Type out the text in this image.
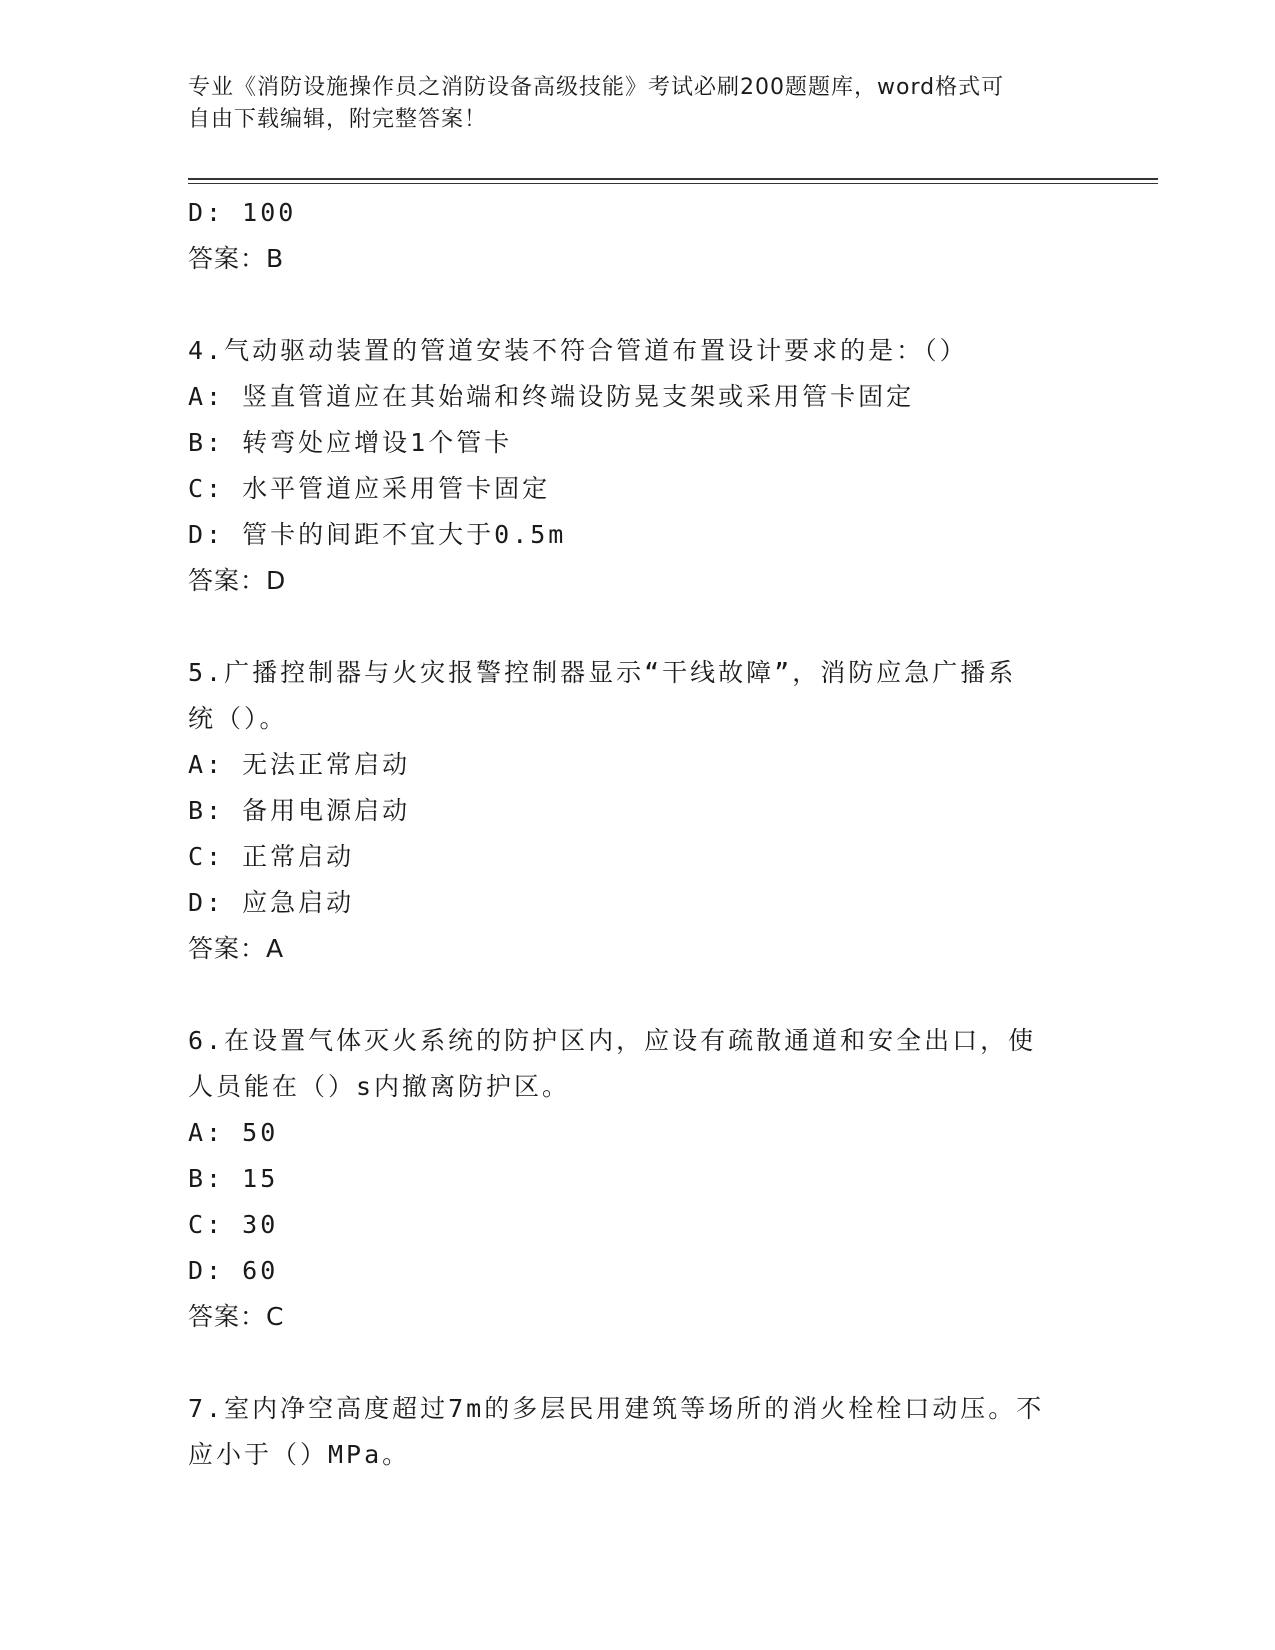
专业《消防设施操作员之消防设备高级技能》考试必刷200题题库，word格式可
自由下载编辑，附完整答案！

D: 100

答案：B

4.气动驱动装置的管道安装不符合管道布置设计要求的是：（）

A: 竖直管道应在其始端和终端设防晃支架或采用管卡固定

B: 转弯处应增设1个管卡

C: 水平管道应采用管卡固定

D: 管卡的间距不宜大于0.5m

答案：D

5.广播控制器与火灾报警控制器显示“干线故障”，消防应急广播系

统（）。

A: 无法正常启动

B: 备用电源启动

C: 正常启动

D: 应急启动

答案：A

6.在设置气体灭火系统的防护区内，应设有疏散通道和安全出口，使

人员能在（）s内撤离防护区。

A: 50

B: 15

C: 30

D: 60

答案：C

7.室内净空高度超过7m的多层民用建筑等场所的消火栓栓口动压。不

应小于（）MPa。
